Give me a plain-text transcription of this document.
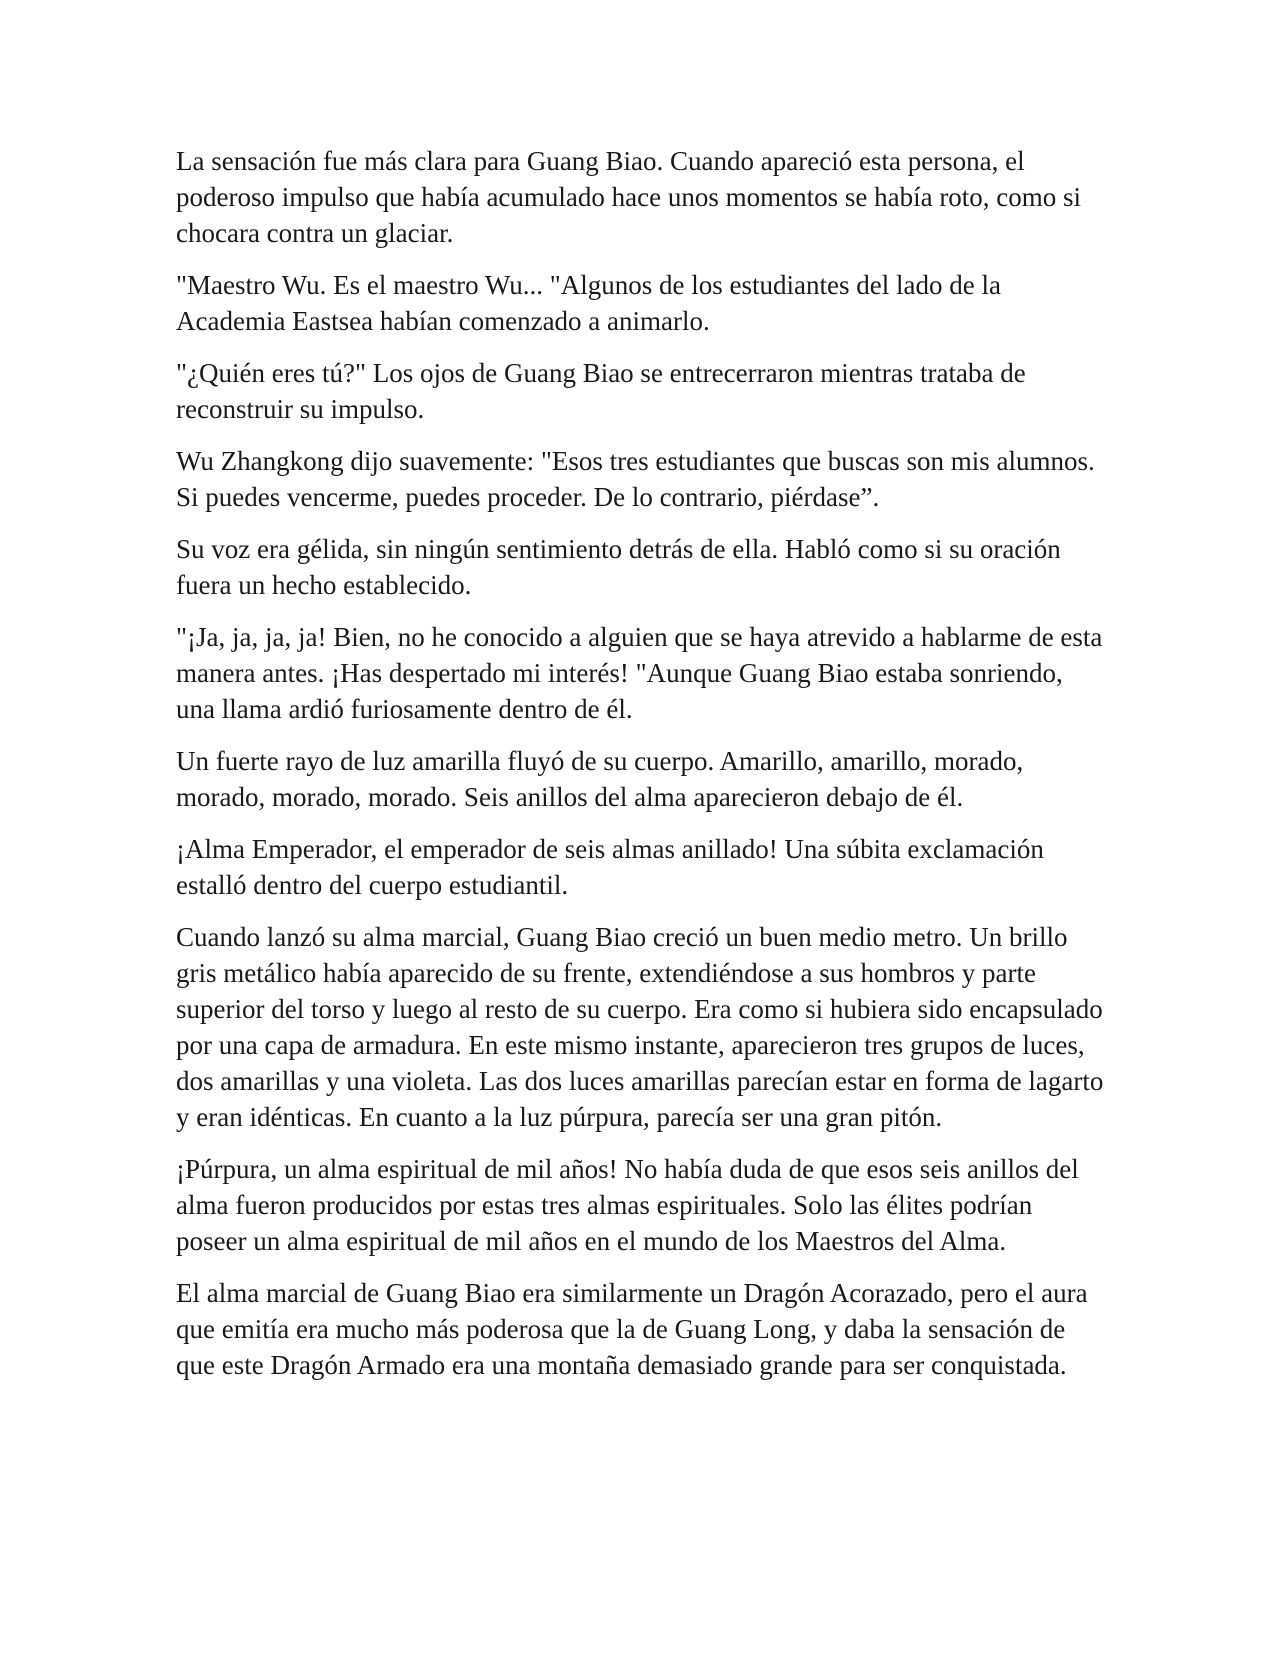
La sensación fue más clara para Guang Biao. Cuando apareció esta persona, el poderoso impulso que había acumulado hace unos momentos se había roto, como si chocara contra un glaciar.

"Maestro Wu. Es el maestro Wu... "Algunos de los estudiantes del lado de la Academia Eastsea habían comenzado a animarlo.

"¿Quién eres tú?" Los ojos de Guang Biao se entrecerraron mientras trataba de reconstruir su impulso.

Wu Zhangkong dijo suavemente: "Esos tres estudiantes que buscas son mis alumnos. Si puedes vencerme, puedes proceder. De lo contrario, piérdase”.

Su voz era gélida, sin ningún sentimiento detrás de ella. Habló como si su oración fuera un hecho establecido.

"¡Ja, ja, ja, ja! Bien, no he conocido a alguien que se haya atrevido a hablarme de esta manera antes. ¡Has despertado mi interés! "Aunque Guang Biao estaba sonriendo, una llama ardió furiosamente dentro de él.

Un fuerte rayo de luz amarilla fluyó de su cuerpo. Amarillo, amarillo, morado, morado, morado, morado. Seis anillos del alma aparecieron debajo de él.

¡Alma Emperador, el emperador de seis almas anillado! Una súbita exclamación estalló dentro del cuerpo estudiantil.

Cuando lanzó su alma marcial, Guang Biao creció un buen medio metro. Un brillo gris metálico había aparecido de su frente, extendiéndose a sus hombros y parte superior del torso y luego al resto de su cuerpo. Era como si hubiera sido encapsulado por una capa de armadura. En este mismo instante, aparecieron tres grupos de luces, dos amarillas y una violeta. Las dos luces amarillas parecían estar en forma de lagarto y eran idénticas. En cuanto a la luz púrpura, parecía ser una gran pitón.

¡Púrpura, un alma espiritual de mil años! No había duda de que esos seis anillos del alma fueron producidos por estas tres almas espirituales. Solo las élites podrían poseer un alma espiritual de mil años en el mundo de los Maestros del Alma.

El alma marcial de Guang Biao era similarmente un Dragón Acorazado, pero el aura que emitía era mucho más poderosa que la de Guang Long, y daba la sensación de que este Dragón Armado era una montaña demasiado grande para ser conquistada.
